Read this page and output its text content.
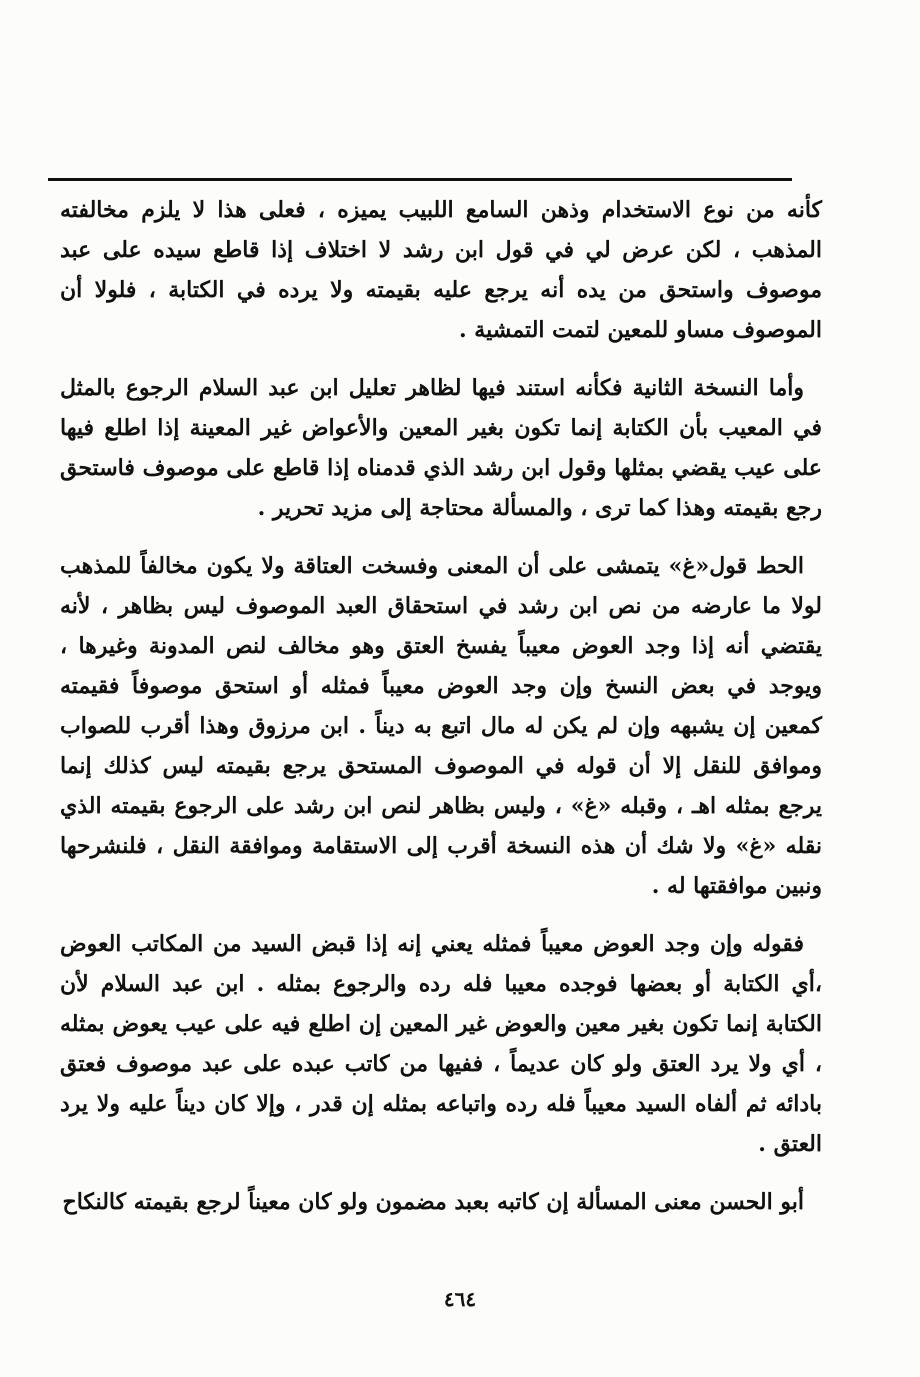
كأنه من نوع الاستخدام وذهن السامع اللبيب يميزه ، فعلى هذا لا يلزم مخالفته المذهب ، لكن عرض لي في قول ابن رشد لا اختلاف إذا قاطع سيده على عبد موصوف واستحق من يده أنه يرجع عليه بقيمته ولا يرده في الكتابة ، فلولا أن الموصوف مساو للمعين لتمت التمشية .

وأما النسخة الثانية فكأنه استند فيها لظاهر تعليل ابن عبد السلام الرجوع بالمثل في المعيب بأن الكتابة إنما تكون بغير المعين والأعواض غير المعينة إذا اطلع فيها على عيب يقضي بمثلها وقول ابن رشد الذي قدمناه إذا قاطع على موصوف فاستحق رجع بقيمته وهذا كما ترى ، والمسألة محتاجة إلى مزيد تحرير .

الحط قول«غ» يتمشى على أن المعنى وفسخت العتاقة ولا يكون مخالفاً للمذهب لولا ما عارضه من نص ابن رشد في استحقاق العبد الموصوف ليس بظاهر ، لأنه يقتضي أنه إذا وجد العوض معيباً يفسخ العتق وهو مخالف لنص المدونة وغيرها ، ويوجد في بعض النسخ وإن وجد العوض معيباً فمثله أو استحق موصوفاً فقيمته كمعين إن يشبهه وإن لم يكن له مال اتبع به ديناً . ابن مرزوق وهذا أقرب للصواب وموافق للنقل إلا أن قوله في الموصوف المستحق يرجع بقيمته ليس كذلك إنما يرجع بمثله اهـ ، وقبله «غ» ، وليس بظاهر لنص ابن رشد على الرجوع بقيمته الذي نقله «غ» ولا شك أن هذه النسخة أقرب إلى الاستقامة وموافقة النقل ، فلنشرحها ونبين موافقتها له .

فقوله وإن وجد العوض معيباً فمثله يعني إنه إذا قبض السيد من المكاتب العوض ،أي الكتابة أو بعضها فوجده معيبا فله رده والرجوع بمثله . ابن عبد السلام لأن الكتابة إنما تكون بغير معين والعوض غير المعين إن اطلع فيه على عيب يعوض بمثله ، أي ولا يرد العتق ولو كان عديماً ، ففيها من كاتب عبده على عبد موصوف فعتق بادائه ثم ألفاه السيد معيباً فله رده واتباعه بمثله إن قدر ، وإلا كان ديناً عليه ولا يرد العتق .

أبو الحسن معنى المسألة إن كاتبه بعبد مضمون ولو كان معيناً لرجع بقيمته كالنكاح

٤٦٤
